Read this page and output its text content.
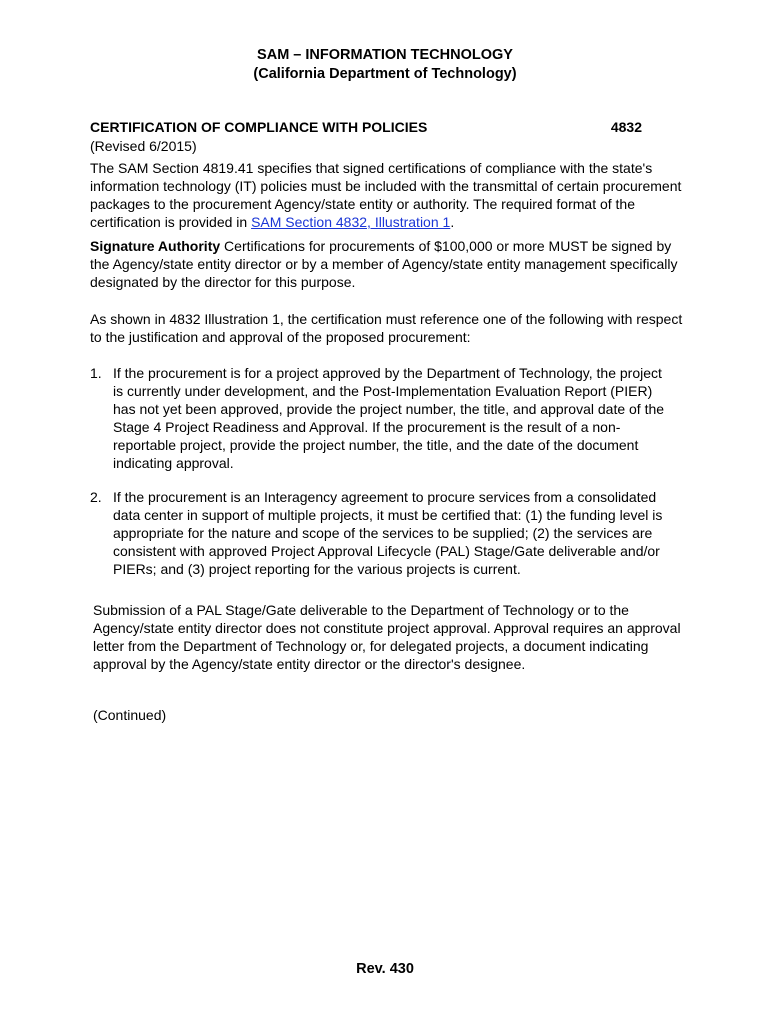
SAM – INFORMATION TECHNOLOGY
(California Department of Technology)
CERTIFICATION OF COMPLIANCE WITH POLICIES	4832
(Revised 6/2015)
The SAM Section 4819.41 specifies that signed certifications of compliance with the state's information technology (IT) policies must be included with the transmittal of certain procurement packages to the procurement Agency/state entity or authority. The required format of the certification is provided in SAM Section 4832, Illustration 1.
Signature Authority Certifications for procurements of $100,000 or more MUST be signed by the Agency/state entity director or by a member of Agency/state entity management specifically designated by the director for this purpose.
As shown in 4832 Illustration 1, the certification must reference one of the following with respect to the justification and approval of the proposed procurement:
1. If the procurement is for a project approved by the Department of Technology, the project is currently under development, and the Post-Implementation Evaluation Report (PIER) has not yet been approved, provide the project number, the title, and approval date of the Stage 4 Project Readiness and Approval. If the procurement is the result of a non-reportable project, provide the project number, the title, and the date of the document indicating approval.
2. If the procurement is an Interagency agreement to procure services from a consolidated data center in support of multiple projects, it must be certified that: (1) the funding level is appropriate for the nature and scope of the services to be supplied; (2) the services are consistent with approved Project Approval Lifecycle (PAL) Stage/Gate deliverable and/or PIERs; and (3) project reporting for the various projects is current.
Submission of a PAL Stage/Gate deliverable to the Department of Technology or to the Agency/state entity director does not constitute project approval. Approval requires an approval letter from the Department of Technology or, for delegated projects, a document indicating approval by the Agency/state entity director or the director's designee.
(Continued)
Rev. 430
